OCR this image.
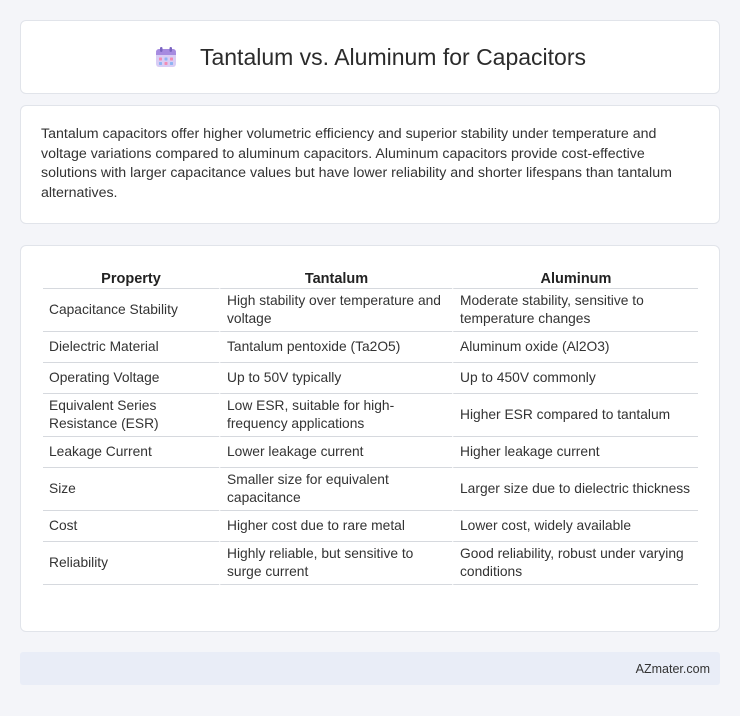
Tantalum vs. Aluminum for Capacitors

Tantalum capacitors offer higher volumetric efficiency and superior stability under temperature and voltage variations compared to aluminum capacitors. Aluminum capacitors provide cost-effective solutions with larger capacitance values but have lower reliability and shorter lifespans than tantalum alternatives.

Property	Tantalum	Aluminum
Capacitance Stability	High stability over temperature and voltage	Moderate stability, sensitive to temperature changes
Dielectric Material	Tantalum pentoxide (Ta2O5)	Aluminum oxide (Al2O3)
Operating Voltage	Up to 50V typically	Up to 450V commonly
Equivalent Series Resistance (ESR)	Low ESR, suitable for high-frequency applications	Higher ESR compared to tantalum
Leakage Current	Lower leakage current	Higher leakage current
Size	Smaller size for equivalent capacitance	Larger size due to dielectric thickness
Cost	Higher cost due to rare metal	Lower cost, widely available
Reliability	Highly reliable, but sensitive to surge current	Good reliability, robust under varying conditions
AZmater.com
